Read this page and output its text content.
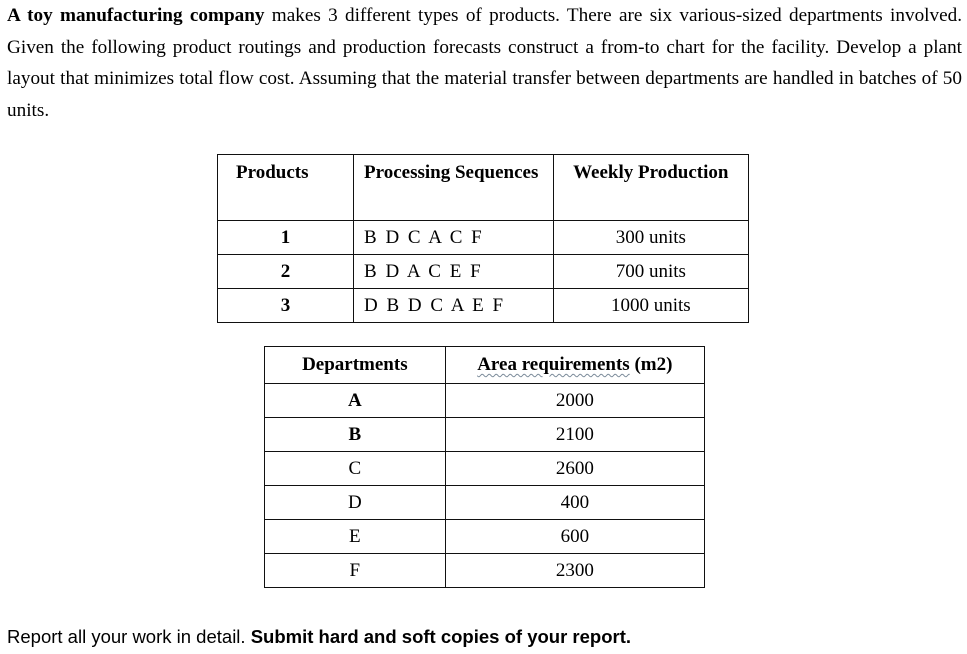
A toy manufacturing company makes 3 different types of products. There are six various-sized departments involved. Given the following product routings and production forecasts construct a from-to chart for the facility. Develop a plant layout that minimizes total flow cost. Assuming that the material transfer between departments are handled in batches of 50 units.
Products	Processing Sequences	Weekly Production
1	B D C A C F	300 units
2	B D A C E F	700 units
3	D B D C A E F	1000 units
Departments	Area requirements (m2)
A	2000
B	2100
C	2600
D	400
E	600
F	2300
Report all your work in detail. Submit hard and soft copies of your report.
